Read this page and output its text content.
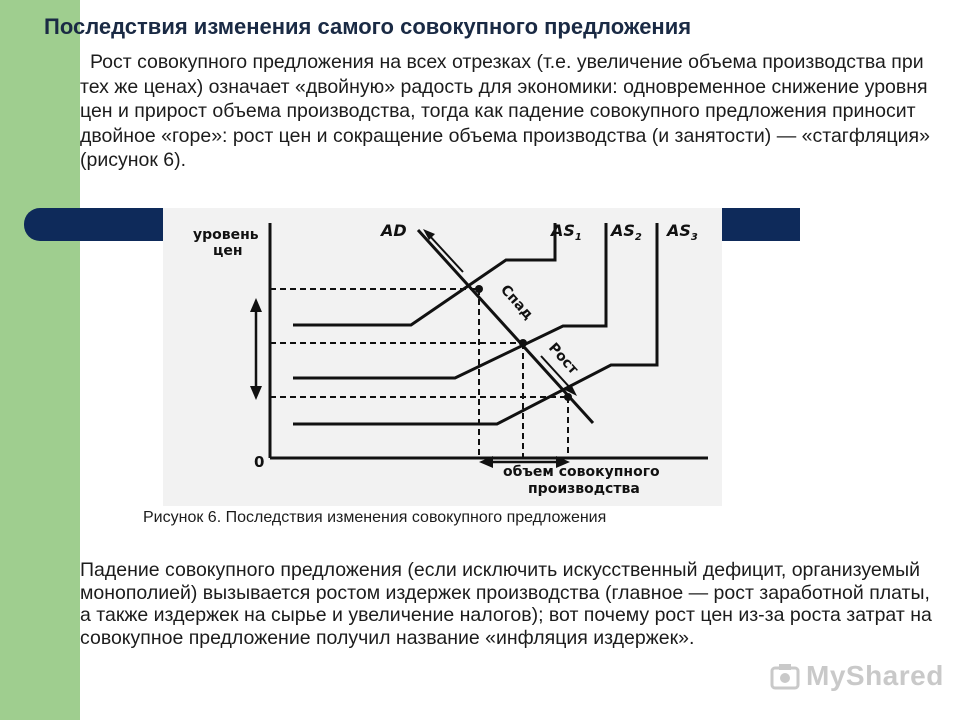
Последствия изменения самого совокупного предложения
Рост совокупного предложения на всех отрезках (т.е. увеличение объема производства при тех же ценах) означает «двойную» радость для экономики: одновременное снижение уровня цен и прирост объема производства, тогда как падение совокупного предложения приносит двойное «горе»: рост цен и сокращение объема производства (и занятости) — «стагфляция» (рисунок 6).
уровень
цен
0
Спад
Рост
AD	$AS_1$ $AS_2$ $AS_3$
объем совокупного
производства
Рисунок 6. Последствия изменения совокупного предложения
Падение совокупного предложения (если исключить искусственный дефицит, организуемый монополией) вызывается ростом издержек производства (главное — рост заработной платы, а также издержек на сырье и увеличение налогов); вот почему рост цен из-за роста затрат на совокупное предложение получил название «инфляция издержек».
MyShared
